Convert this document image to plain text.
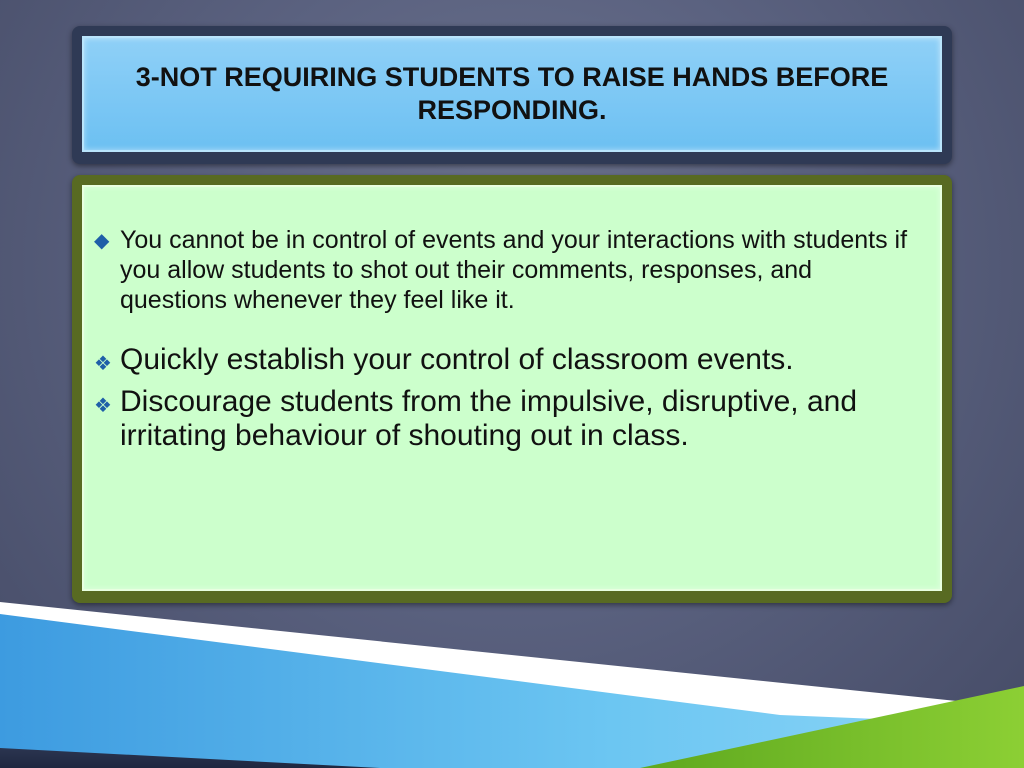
3-NOT REQUIRING STUDENTS TO RAISE HANDS BEFORE RESPONDING.
◆ You cannot be in control of events and your interactions with students if you allow students to shot out their comments, responses, and questions whenever they feel like it.
❖ Quickly establish your control of classroom events.
❖ Discourage students from the impulsive, disruptive, and irritating behaviour of shouting out in class.
